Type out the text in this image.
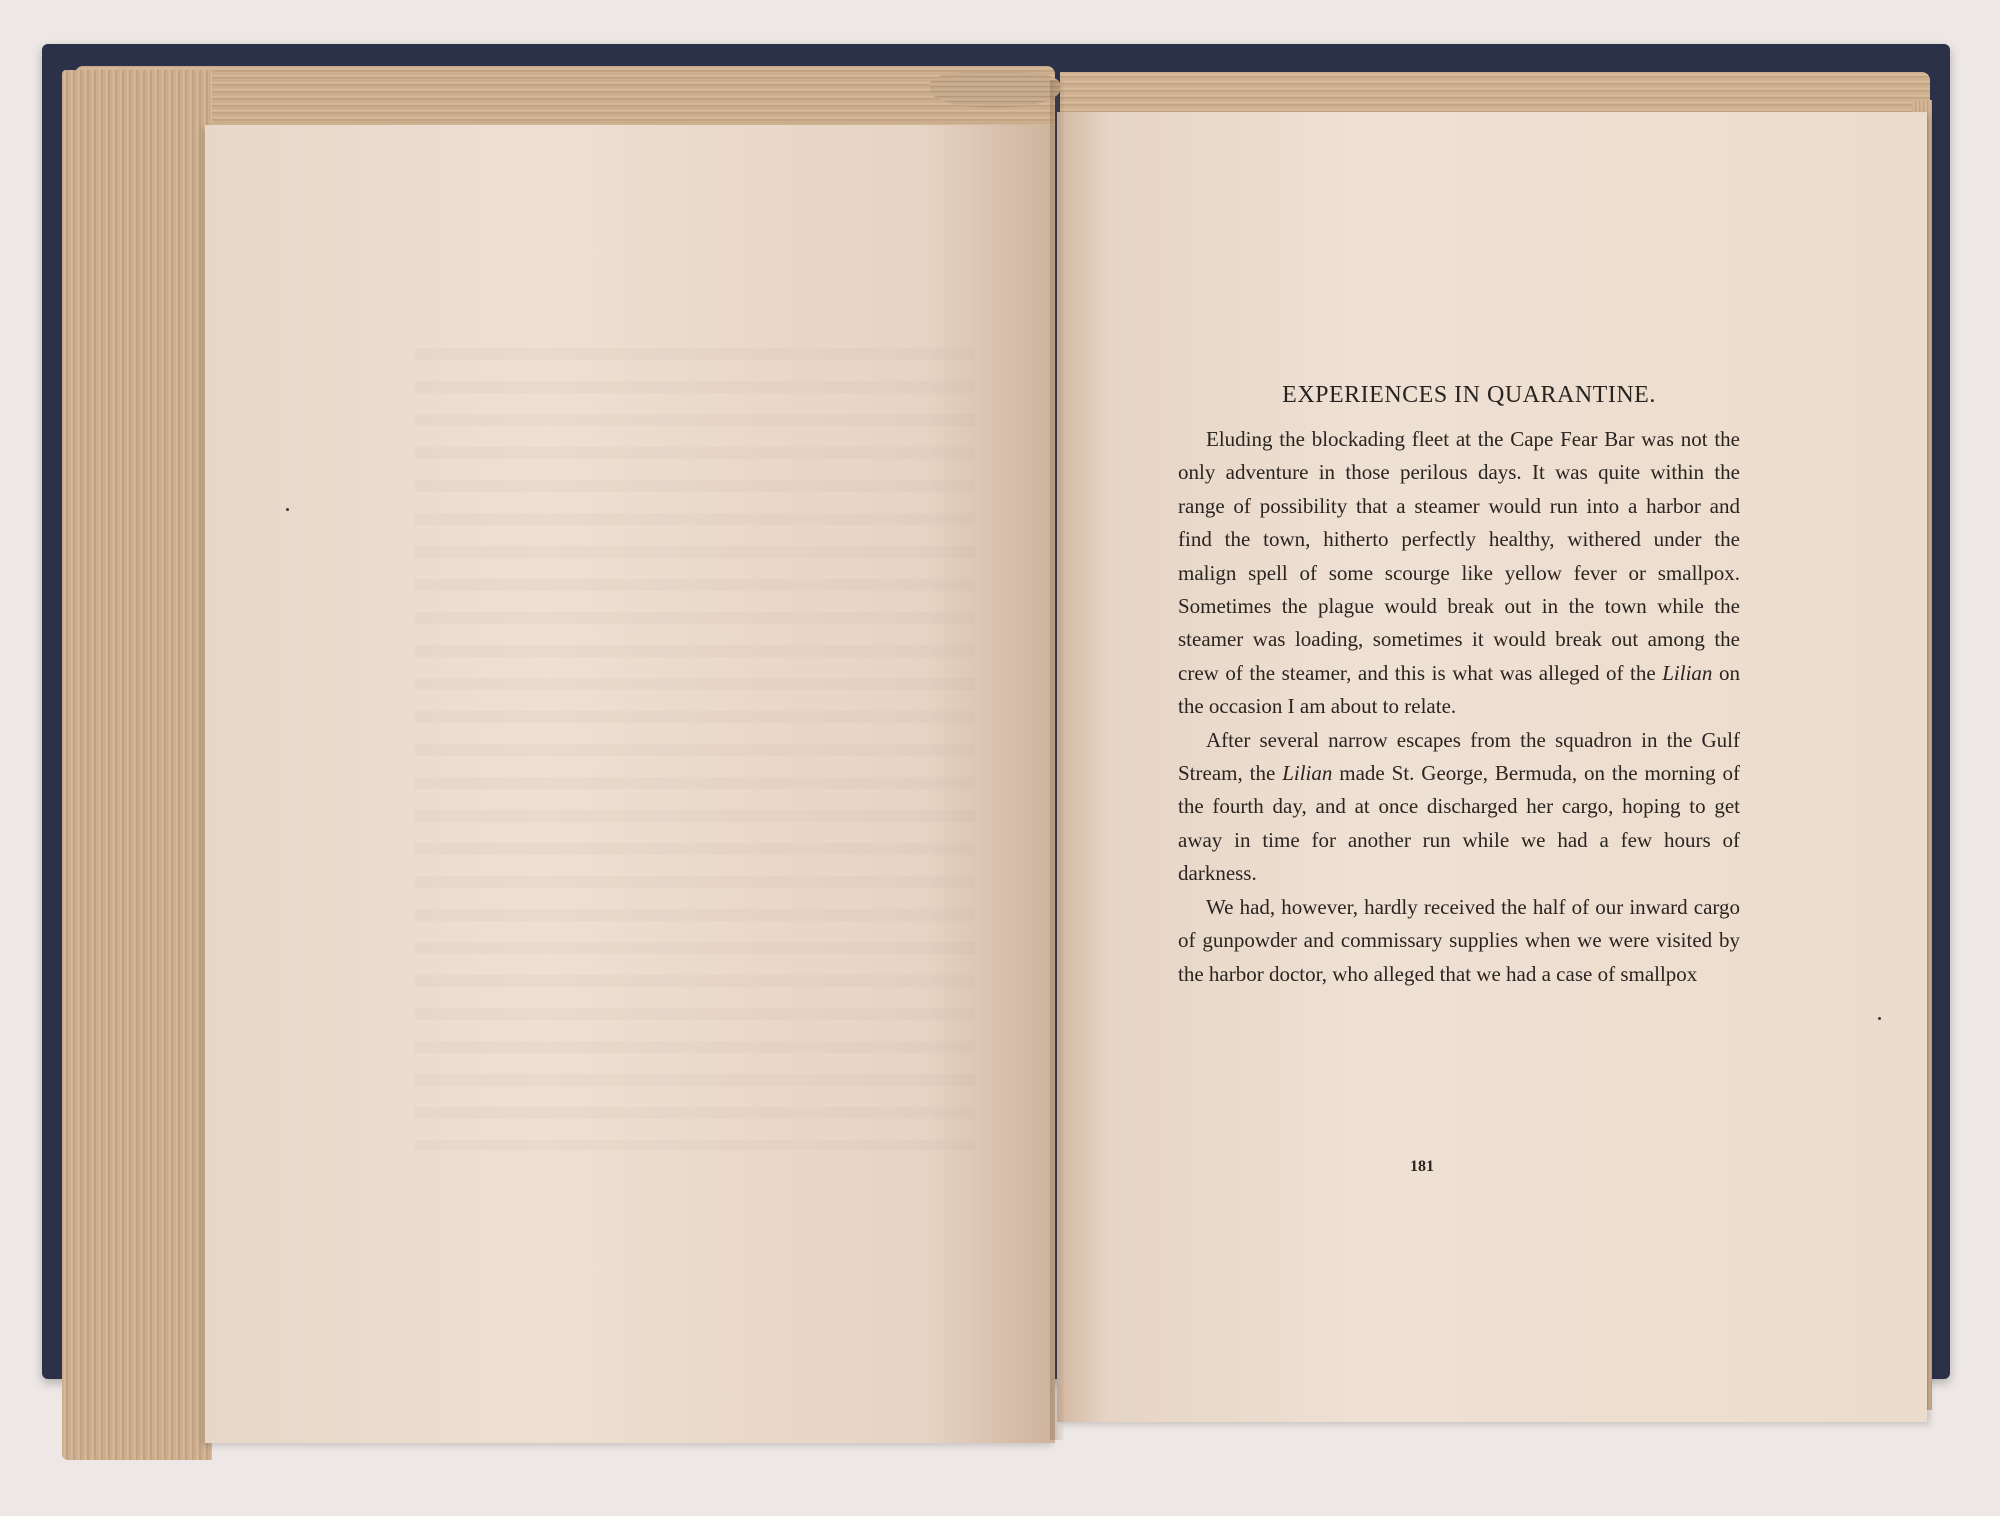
EXPERIENCES IN QUARANTINE.

Eluding the blockading fleet at the Cape Fear Bar was not the only adventure in those perilous days. It was quite within the range of possibility that a steamer would run into a harbor and find the town, hitherto perfectly healthy, withered under the malign spell of some scourge like yellow fever or smallpox. Sometimes the plague would break out in the town while the steamer was loading, sometimes it would break out among the crew of the steamer, and this is what was alleged of the Lilian on the occasion I am about to relate.

After several narrow escapes from the squadron in the Gulf Stream, the Lilian made St. George, Bermuda, on the morning of the fourth day, and at once discharged her cargo, hoping to get away in time for another run while we had a few hours of darkness.

We had, however, hardly received the half of our inward cargo of gunpowder and commissary supplies when we were visited by the harbor doctor, who alleged that we had a case of smallpox

181
